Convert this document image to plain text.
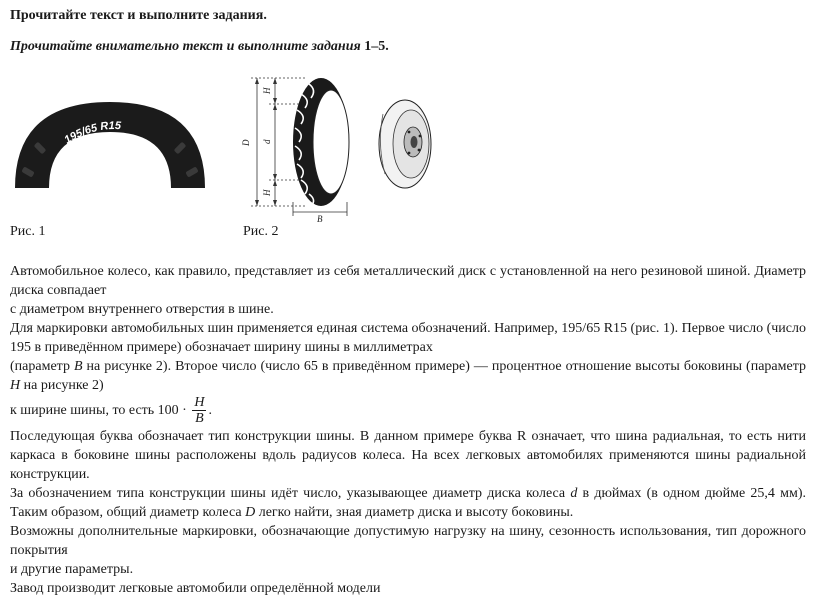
Прочитайте текст и выполните задания.
Прочитайте внимательно текст и выполните задания 1–5.
195/65 R15
D
H
d
H
B
Рис. 1	Рис. 2

Автомобильное колесо, как правило, представляет из себя металлический диск с установленной на него резиновой шиной. Диаметр диска совпадает

с диаметром внутреннего отверстия в шине.

Для маркировки автомобильных шин применяется единая система обозначений. Например, 195/65 R15 (рис. 1). Первое число (число 195 в приведённом примере) обозначает ширину шины в миллиметрах

(параметр B на рисунке 2). Второе число (число 65 в приведённом примере) — процентное отношение высоты боковины (параметр H на рисунке 2)

к ширине шины, то есть $100 \cdot \frac{H}{B}$ .

Последующая буква обозначает тип конструкции шины. В данном примере буква R означает, что шина радиальная, то есть нити каркаса в боковине шины расположены вдоль радиусов колеса. На всех легковых автомобилях применяются шины радиальной конструкции.

За обозначением типа конструкции шины идёт число, указывающее диаметр диска колеса d в дюймах (в одном дюйме 25,4 мм). Таким образом, общий диаметр колеса D легко найти, зная диаметр диска и высоту боковины.

Возможны дополнительные маркировки, обозначающие допустимую нагрузку на шину, сезонность использования, тип дорожного покрытия

и другие параметры.

Завод производит легковые автомобили определённой модели
